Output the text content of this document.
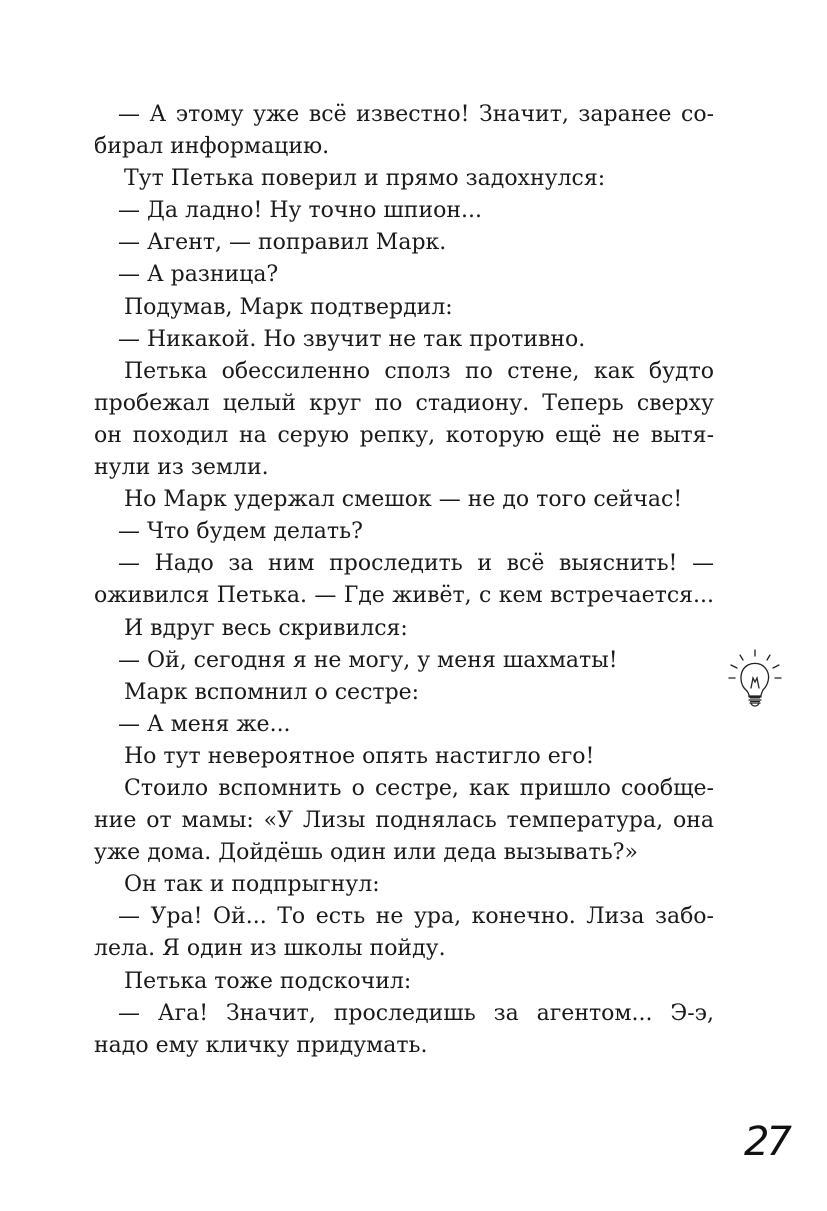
— А этому уже всё известно! Значит, заранее со-
бирал информацию.
Тут Петька поверил и прямо задохнулся:
— Да ладно! Ну точно шпион...
— Агент, — поправил Марк.
— А разница?
Подумав, Марк подтвердил:
— Никакой. Но звучит не так противно.
Петька обессиленно сполз по стене, как будто
пробежал целый круг по стадиону. Теперь сверху
он походил на серую репку, которую ещё не вытя-
нули из земли.
Но Марк удержал смешок — не до того сейчас!
— Что будем делать?
— Надо за ним проследить и всё выяснить! —
оживился Петька. — Где живёт, с кем встречается...
И вдруг весь скривился:
— Ой, сегодня я не могу, у меня шахматы!
Марк вспомнил о сестре:
— А меня же...
Но тут невероятное опять настигло его!
Стоило вспомнить о сестре, как пришло сообще-
ние от мамы: «У Лизы поднялась температура, она
уже дома. Дойдёшь один или деда вызывать?»
Он так и подпрыгнул:
— Ура! Ой... То есть не ура, конечно. Лиза забо-
лела. Я один из школы пойду.
Петька тоже подскочил:
— Ага! Значит, проследишь за агентом... Э-э,
надо ему кличку придумать.
27
